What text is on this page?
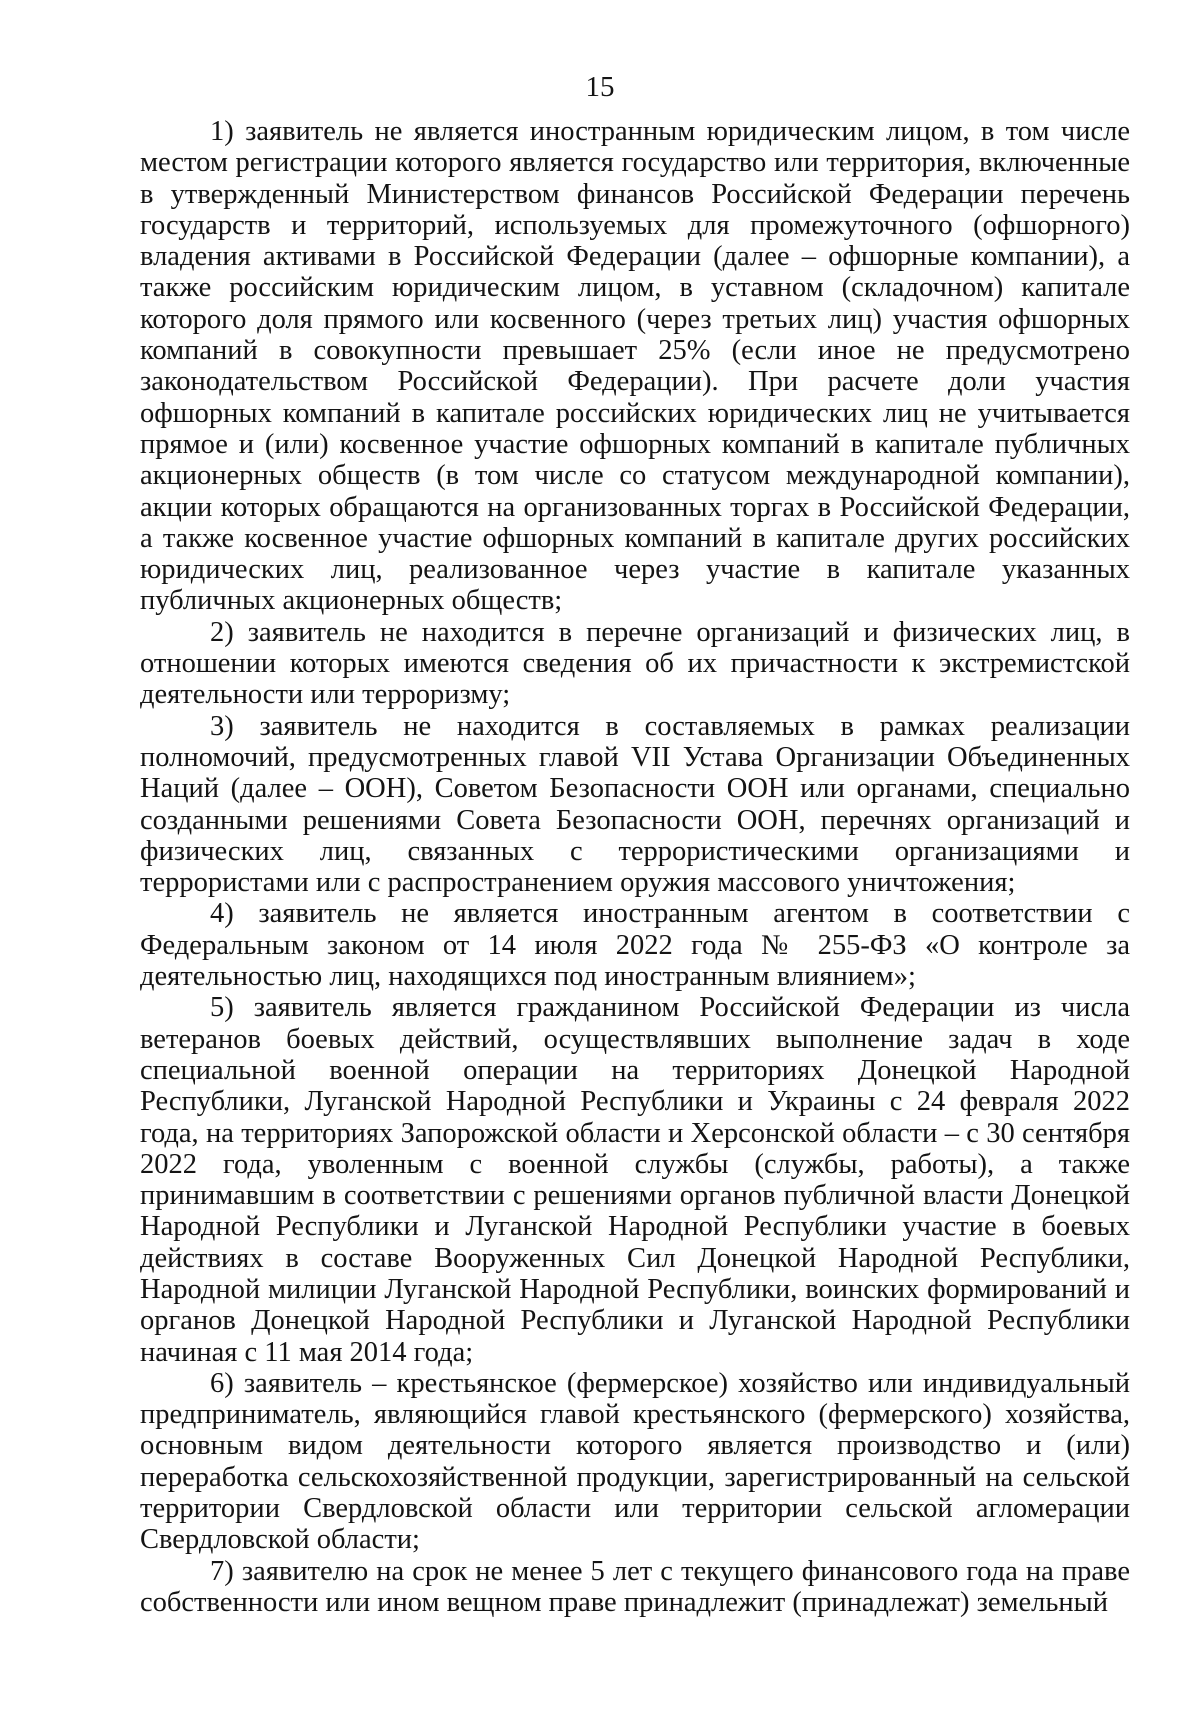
15

1) заявитель не является иностранным юридическим лицом, в том числе местом регистрации которого является государство или территория, включенные в утвержденный Министерством финансов Российской Федерации перечень государств и территорий, используемых для промежуточного (офшорного) владения активами в Российской Федерации (далее – офшорные компании), а также российским юридическим лицом, в уставном (складочном) капитале которого доля прямого или косвенного (через третьих лиц) участия офшорных компаний в совокупности превышает 25% (если иное не предусмотрено законодательством Российской Федерации). При расчете доли участия офшорных компаний в капитале российских юридических лиц не учитывается прямое и (или) косвенное участие офшорных компаний в капитале публичных акционерных обществ (в том числе со статусом международной компании), акции которых обращаются на организованных торгах в Российской Федерации, а также косвенное участие офшорных компаний в капитале других российских юридических лиц, реализованное через участие в капитале указанных публичных акционерных обществ;

2) заявитель не находится в перечне организаций и физических лиц, в отношении которых имеются сведения об их причастности к экстремистской деятельности или терроризму;

3) заявитель не находится в составляемых в рамках реализации полномочий, предусмотренных главой VII Устава Организации Объединенных Наций (далее – ООН), Советом Безопасности ООН или органами, специально созданными решениями Совета Безопасности ООН, перечнях организаций и физических лиц, связанных с террористическими организациями и террористами или с распространением оружия массового уничтожения;

4) заявитель не является иностранным агентом в соответствии с Федеральным законом от 14 июля 2022 года № 255-ФЗ «О контроле за деятельностью лиц, находящихся под иностранным влиянием»;

5) заявитель является гражданином Российской Федерации из числа ветеранов боевых действий, осуществлявших выполнение задач в ходе специальной военной операции на территориях Донецкой Народной Республики, Луганской Народной Республики и Украины с 24 февраля 2022 года, на территориях Запорожской области и Херсонской области – с 30 сентября 2022 года, уволенным с военной службы (службы, работы), а также принимавшим в соответствии с решениями органов публичной власти Донецкой Народной Республики и Луганской Народной Республики участие в боевых действиях в составе Вооруженных Сил Донецкой Народной Республики, Народной милиции Луганской Народной Республики, воинских формирований и органов Донецкой Народной Республики и Луганской Народной Республики начиная с 11 мая 2014 года;

6) заявитель – крестьянское (фермерское) хозяйство или индивидуальный предприниматель, являющийся главой крестьянского (фермерского) хозяйства, основным видом деятельности которого является производство и (или) переработка сельскохозяйственной продукции, зарегистрированный на сельской территории Свердловской области или территории сельской агломерации Свердловской области;

7) заявителю на срок не менее 5 лет с текущего финансового года на праве собственности или ином вещном праве принадлежит (принадлежат) земельный
